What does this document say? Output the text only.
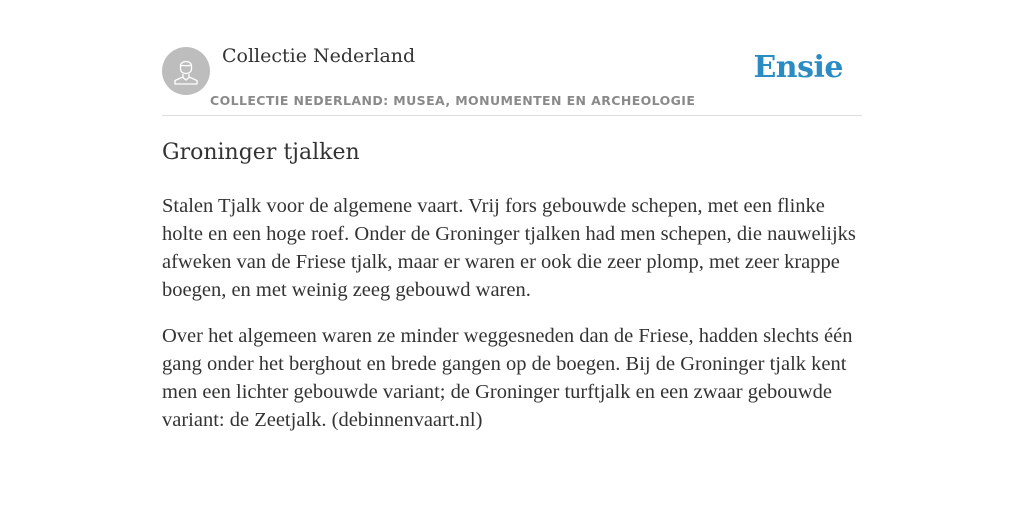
Collectie Nederland
COLLECTIE NEDERLAND: MUSEA, MONUMENTEN EN ARCHEOLOGIE
Ensie
Groninger tjalken

Stalen Tjalk voor de algemene vaart. Vrij fors gebouwde schepen, met een flinke holte en een hoge roef. Onder de Groninger tjalken had men schepen, die nauwelijks afweken van de Friese tjalk, maar er waren er ook die zeer plomp, met zeer krappe boegen, en met weinig zeeg gebouwd waren.

Over het algemeen waren ze minder weggesneden dan de Friese, hadden slechts één gang onder het berghout en brede gangen op de boegen. Bij de Groninger tjalk kent men een lichter gebouwde variant; de Groninger turftjalk en een zwaar gebouwde variant: de Zeetjalk. (debinnenvaart.nl)
